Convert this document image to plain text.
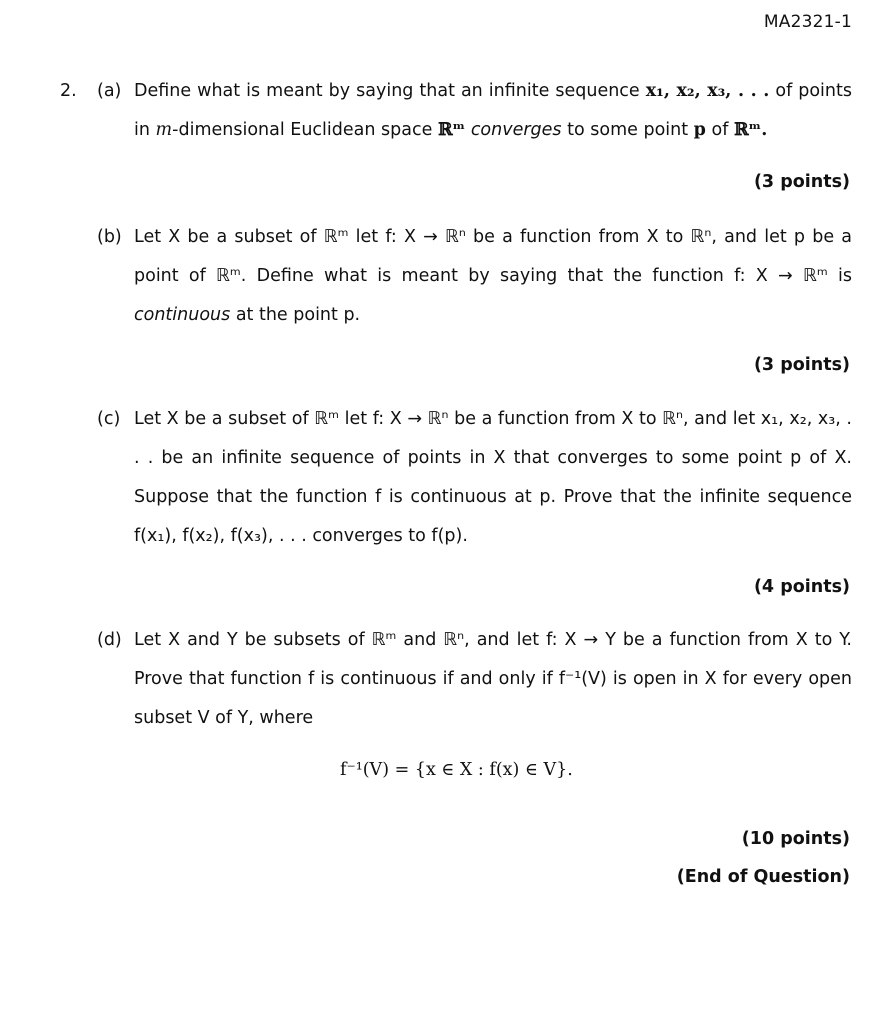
MA2321-1
2. (a) Define what is meant by saying that an infinite sequence x₁, x₂, x₃, . . . of points in m-dimensional Euclidean space ℝᵐ converges to some point p of ℝᵐ.

(3 points)
(b) Let X be a subset of ℝᵐ let f: X → ℝⁿ be a function from X to ℝⁿ, and let p be a point of ℝᵐ. Define what is meant by saying that the function f: X → ℝᵐ is continuous at the point p.

(3 points)
(c) Let X be a subset of ℝᵐ let f: X → ℝⁿ be a function from X to ℝⁿ, and let x₁, x₂, x₃, . . . be an infinite sequence of points in X that converges to some point p of X. Suppose that the function f is continuous at p. Prove that the infinite sequence f(x₁), f(x₂), f(x₃), . . . converges to f(p).

(4 points)
(d) Let X and Y be subsets of ℝᵐ and ℝⁿ, and let f: X → Y be a function from X to Y. Prove that function f is continuous if and only if f⁻¹(V) is open in X for every open subset V of Y, where

f⁻¹(V) = {x ∈ X : f(x) ∈ V}.
(10 points)
(End of Question)
